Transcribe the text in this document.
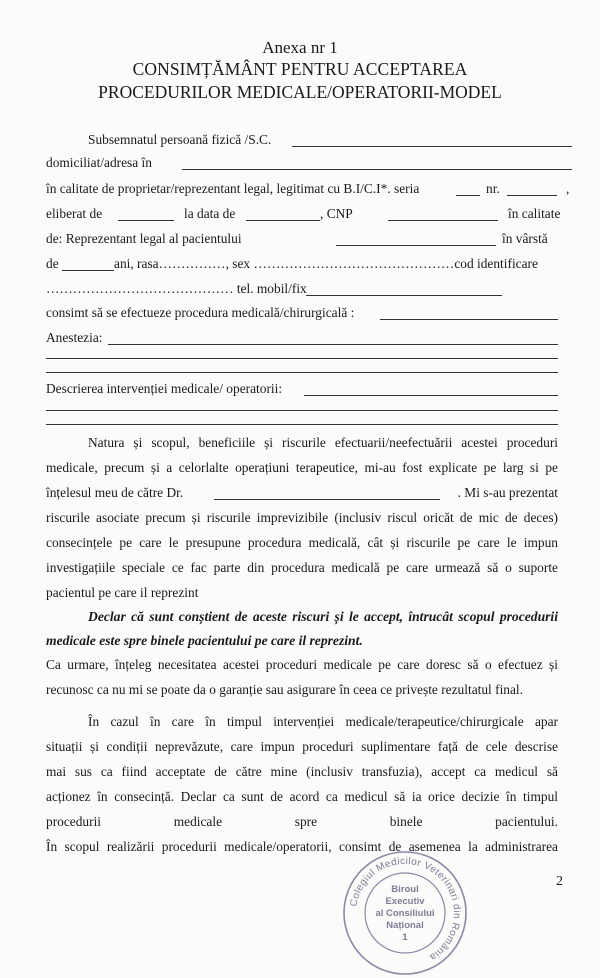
Anexa nr 1
CONSIMȚĂMÂNT PENTRU ACCEPTAREA
PROCEDURILOR MEDICALE/OPERATORII-MODEL
Subsemnatul persoană fizică /S.C.
domiciliat/adresa în
în calitate de proprietar/reprezentant legal, legitimat cu B.I/C.I*. seria	nr.	,
eliberat de	la data de	, CNP	în calitate
de: Reprezentant legal al pacientului	în vârstă
de	ani, rasa……………, sex ………………………………………cod identificare
…………………………………… tel. mobil/fix
consimt să se efectueze procedura medicală/chirurgicală :
Anestezia:
Descrierea intervenției medicale/ operatorii:
Natura și scopul, beneficiile și riscurile efectuarii/neefectuării acestei proceduri
medicale, precum și a celorlalte operațiuni terapeutice, mi-au fost explicate pe larg si pe
înțelesul meu de către Dr.	. Mi s-au prezentat
riscurile asociate precum și riscurile imprevizibile (inclusiv riscul oricăt de mic de deces)
consecințele pe care le presupune procedura medicală, cât și riscurile pe care le impun
investigațiile speciale ce fac parte din procedura medicală pe care urmează să o suporte
pacientul pe care il reprezint
Declar că sunt conștient de aceste riscuri și le accept, întrucât scopul procedurii
medicale este spre binele pacientului pe care il reprezint.
Ca urmare, înțeleg necesitatea acestei proceduri medicale pe care doresc să o efectuez și
recunosc ca nu mi se poate da o garanție sau asigurare în ceea ce privește rezultatul final.
În cazul în care în timpul intervenției medicale/terapeutice/chirurgicale apar
situații și condiții neprevăzute, care impun proceduri suplimentare față de cele descrise
mai sus ca fiind acceptate de către mine (inclusiv transfuzia), accept ca medicul să
acționez în consecință. Declar ca sunt de acord ca medicul să ia orice decizie în timpul
procedurii medicale spre binele pacientului.
În scopul realizării procedurii medicale/operatorii, consimt de asemenea la administrarea
2
Colegiul Medicilor Veterinari din România
Biroul
Executiv
al Consiliului
Național
1
